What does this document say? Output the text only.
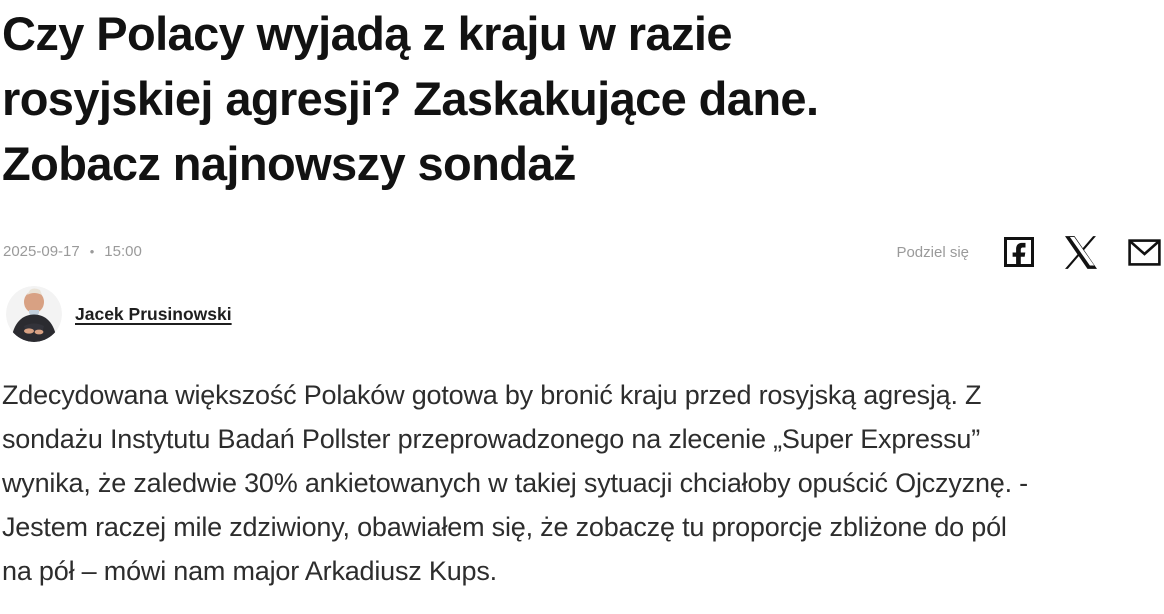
Czy Polacy wyjadą z kraju w razie
rosyjskiej agresji? Zaskakujące dane.
Zobacz najnowszy sondaż
2025-09-17 • 15:00	Podziel się
Jacek Prusinowski
Zdecydowana większość Polaków gotowa by bronić kraju przed rosyjską agresją. Z
sondażu Instytutu Badań Pollster przeprowadzonego na zlecenie „Super Expressu”
wynika, że zaledwie 30% ankietowanych w takiej sytuacji chciałoby opuścić Ojczyznę. -
Jestem raczej mile zdziwiony, obawiałem się, że zobaczę tu proporcje zbliżone do pól
na pół – mówi nam major Arkadiusz Kups.
